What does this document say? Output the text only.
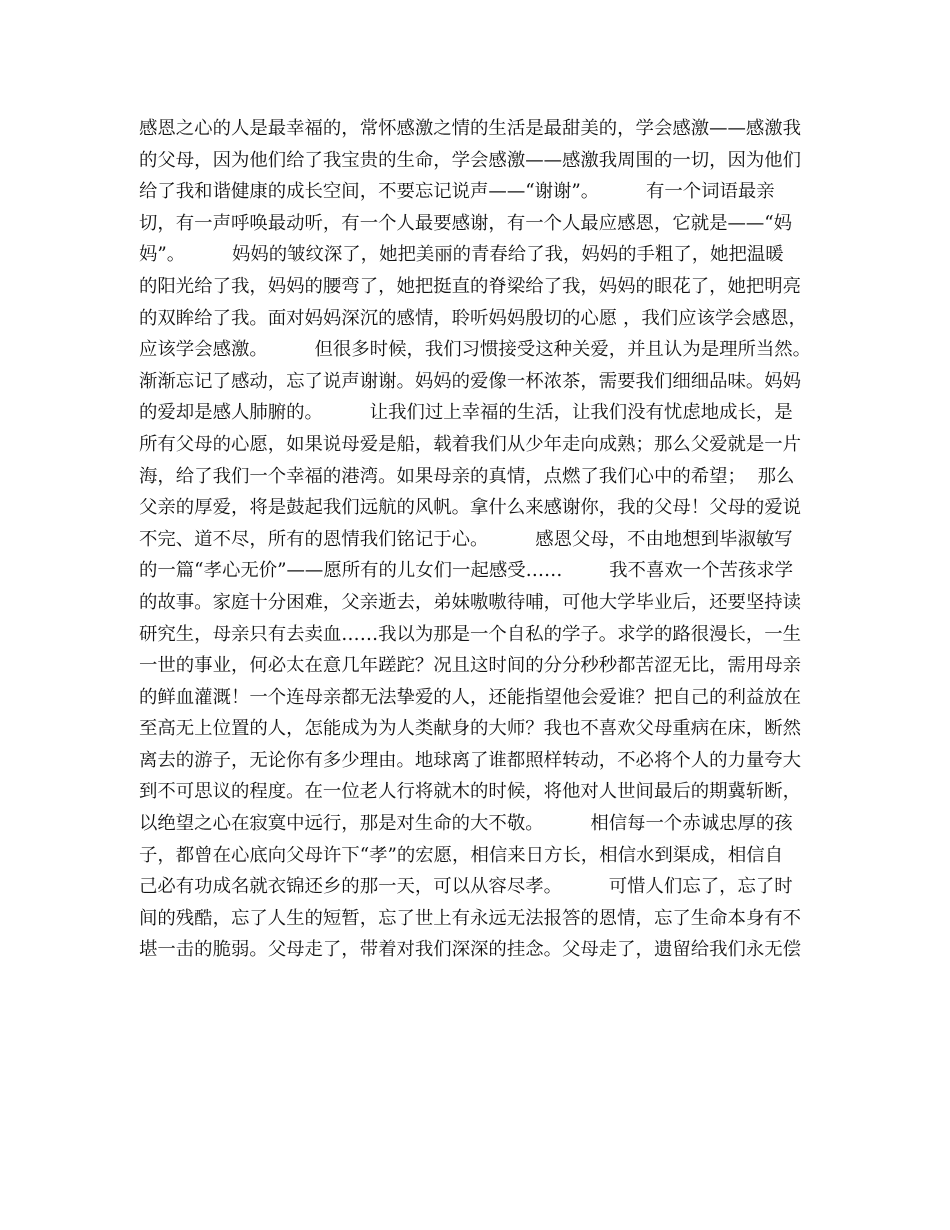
感恩之心的人是最幸福的，常怀感激之情的生活是最甜美的，学会感激——感激我
的父母，因为他们给了我宝贵的生命，学会感激——感激我周围的一切，因为他们
给了我和谐健康的成长空间，不要忘记说声——“谢谢”。        有一个词语最亲
切，有一声呼唤最动听，有一个人最要感谢，有一个人最应感恩，它就是——“妈
妈”。        妈妈的皱纹深了，她把美丽的青春给了我，妈妈的手粗了，她把温暖
的阳光给了我，妈妈的腰弯了，她把挺直的脊梁给了我，妈妈的眼花了，她把明亮
的双眸给了我。面对妈妈深沉的感情，聆听妈妈殷切的心愿 ，我们应该学会感恩，
应该学会感激。        但很多时候，我们习惯接受这种关爱，并且认为是理所当然。
渐渐忘记了感动，忘了说声谢谢。妈妈的爱像一杯浓茶，需要我们细细品味。妈妈
的爱却是感人肺腑的。        让我们过上幸福的生活，让我们没有忧虑地成长，是
所有父母的心愿，如果说母爱是船，载着我们从少年走向成熟；那么父爱就是一片
海，给了我们一个幸福的港湾。如果母亲的真情，点燃了我们心中的希望；  那么
父亲的厚爱，将是鼓起我们远航的风帆。拿什么来感谢你，我的父母！父母的爱说
不完、道不尽，所有的恩情我们铭记于心。        感恩父母，不由地想到毕淑敏写
的一篇“孝心无价”——愿所有的儿女们一起感受……        我不喜欢一个苦孩求学
的故事。家庭十分困难，父亲逝去，弟妹嗷嗷待哺，可他大学毕业后，还要坚持读
研究生，母亲只有去卖血……我以为那是一个自私的学子。求学的路很漫长，一生
一世的事业，何必太在意几年蹉跎？况且这时间的分分秒秒都苦涩无比，需用母亲
的鲜血灌溉！一个连母亲都无法挚爱的人，还能指望他会爱谁？把自己的利益放在
至高无上位置的人，怎能成为为人类献身的大师？我也不喜欢父母重病在床，断然
离去的游子，无论你有多少理由。地球离了谁都照样转动，不必将个人的力量夸大
到不可思议的程度。在一位老人行将就木的时候，将他对人世间最后的期冀斩断，
以绝望之心在寂寞中远行，那是对生命的大不敬。        相信每一个赤诚忠厚的孩
子，都曾在心底向父母许下“孝”的宏愿，相信来日方长，相信水到渠成，相信自
己必有功成名就衣锦还乡的那一天，可以从容尽孝。        可惜人们忘了，忘了时
间的残酷，忘了人生的短暂，忘了世上有永远无法报答的恩情，忘了生命本身有不
堪一击的脆弱。父母走了，带着对我们深深的挂念。父母走了，遗留给我们永无偿
